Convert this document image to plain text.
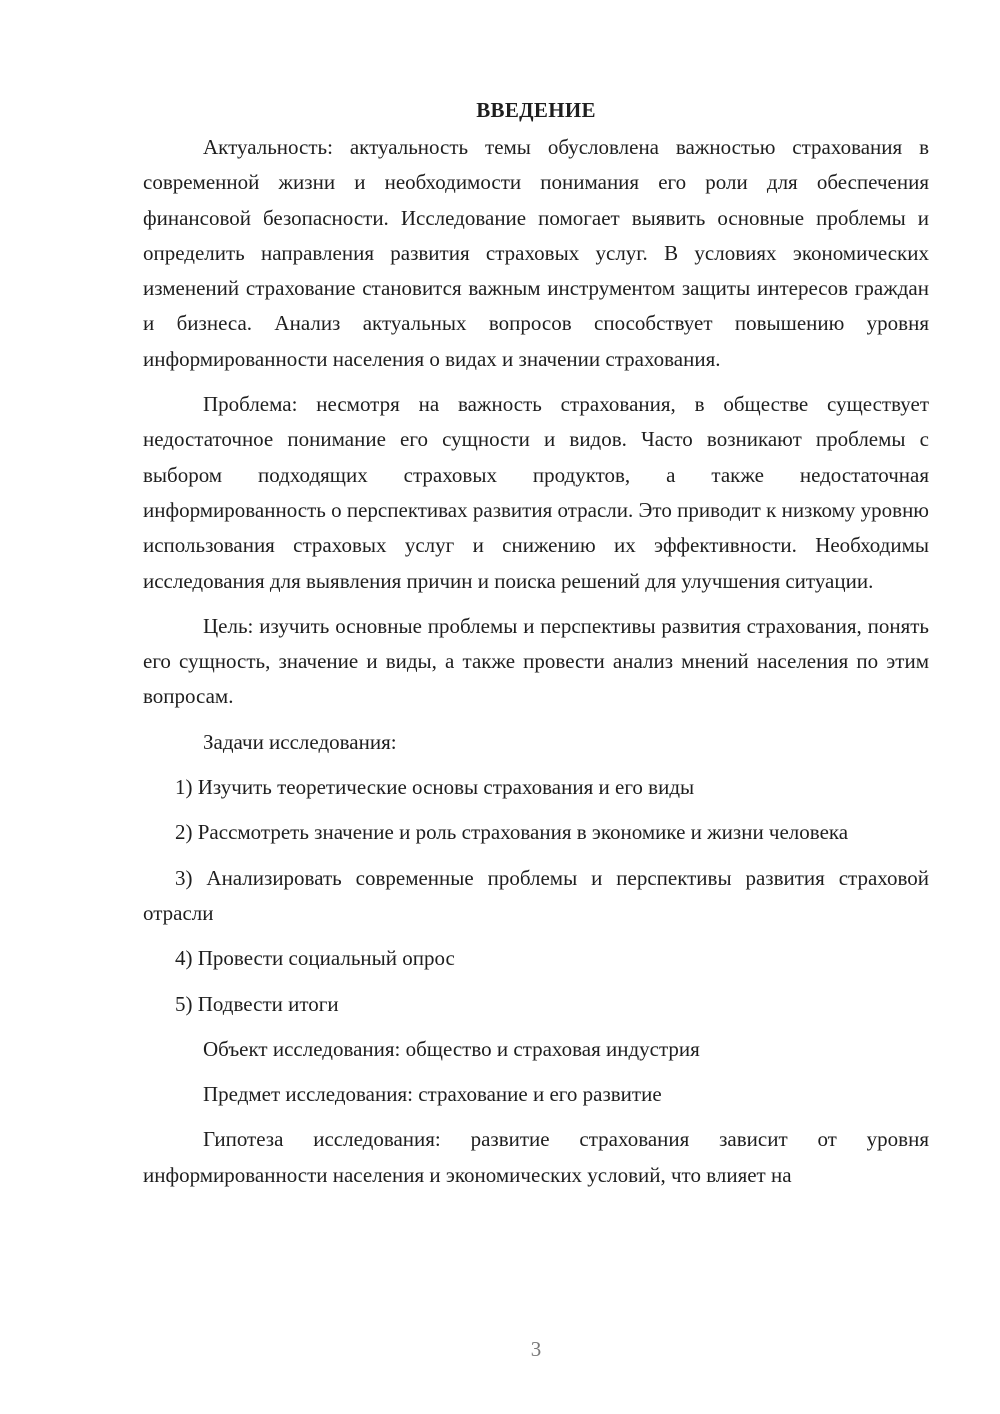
ВВЕДЕНИЕ

Актуальность: актуальность темы обусловлена важностью страхования в современной жизни и необходимости понимания его роли для обеспечения финансовой безопасности. Исследование помогает выявить основные проблемы и определить направления развития страховых услуг. В условиях экономических изменений страхование становится важным инструментом защиты интересов граждан и бизнеса. Анализ актуальных вопросов способствует повышению уровня информированности населения о видах и значении страхования.

Проблема: несмотря на важность страхования, в обществе существует недостаточное понимание его сущности и видов. Часто возникают проблемы с выбором подходящих страховых продуктов, а также недостаточная информированность о перспективах развития отрасли. Это приводит к низкому уровню использования страховых услуг и снижению их эффективности. Необходимы исследования для выявления причин и поиска решений для улучшения ситуации.

Цель: изучить основные проблемы и перспективы развития страхования, понять его сущность, значение и виды, а также провести анализ мнений населения по этим вопросам.

Задачи исследования:

1) Изучить теоретические основы страхования и его виды

2) Рассмотреть значение и роль страхования в экономике и жизни человека

3) Анализировать современные проблемы и перспективы развития страховой отрасли

4) Провести социальный опрос

5) Подвести итоги

Объект исследования: общество и страховая индустрия

Предмет исследования: страхование и его развитие

Гипотеза исследования: развитие страхования зависит от уровня информированности населения и экономических условий, что влияет на

3
